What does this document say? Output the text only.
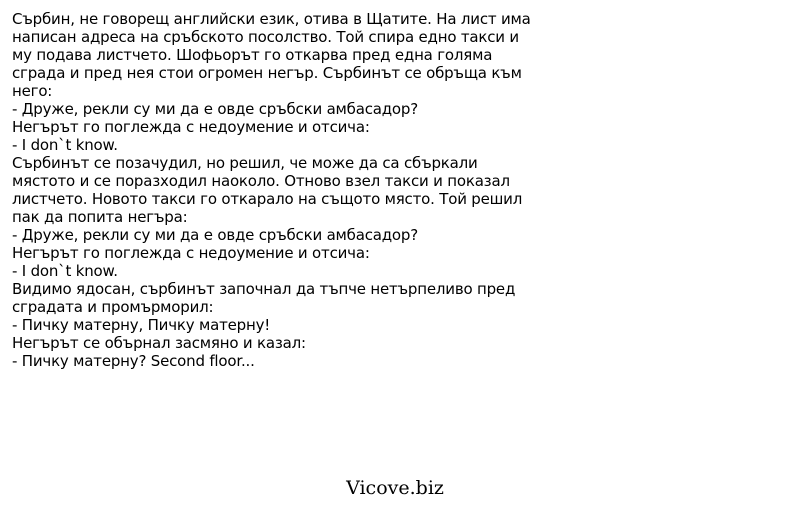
Сърбин, не говорещ английски език, отива в Щатите. На лист има
написан адреса на сръбското посолство. Той спира едно такси и
му подава листчето. Шофьорът го откарва пред една голяма
сграда и пред нея стои огромен негър. Сърбинът се обръща към
него:
- Друже, рекли су ми да е овде сръбски амбасадор?
Негърът го поглежда с недоумение и отсича:
- I don`t know.
Сърбинът се позачудил, но решил, че може да са сбъркали
мястото и се поразходил наоколо. Отново взел такси и показал
листчето. Новото такси го откарало на същото място. Той решил
пак да попита негъра:
- Друже, рекли су ми да е овде сръбски амбасадор?
Негърът го поглежда с недоумение и отсича:
- I don`t know.
Видимо ядосан, сърбинът започнал да тъпче нетърпеливо пред
сградата и промърморил:
- Пичку матерну, Пичку матерну!
Негърът се обърнал засмяно и казал:
- Пичку матерну? Second floor...
Vicove.biz
